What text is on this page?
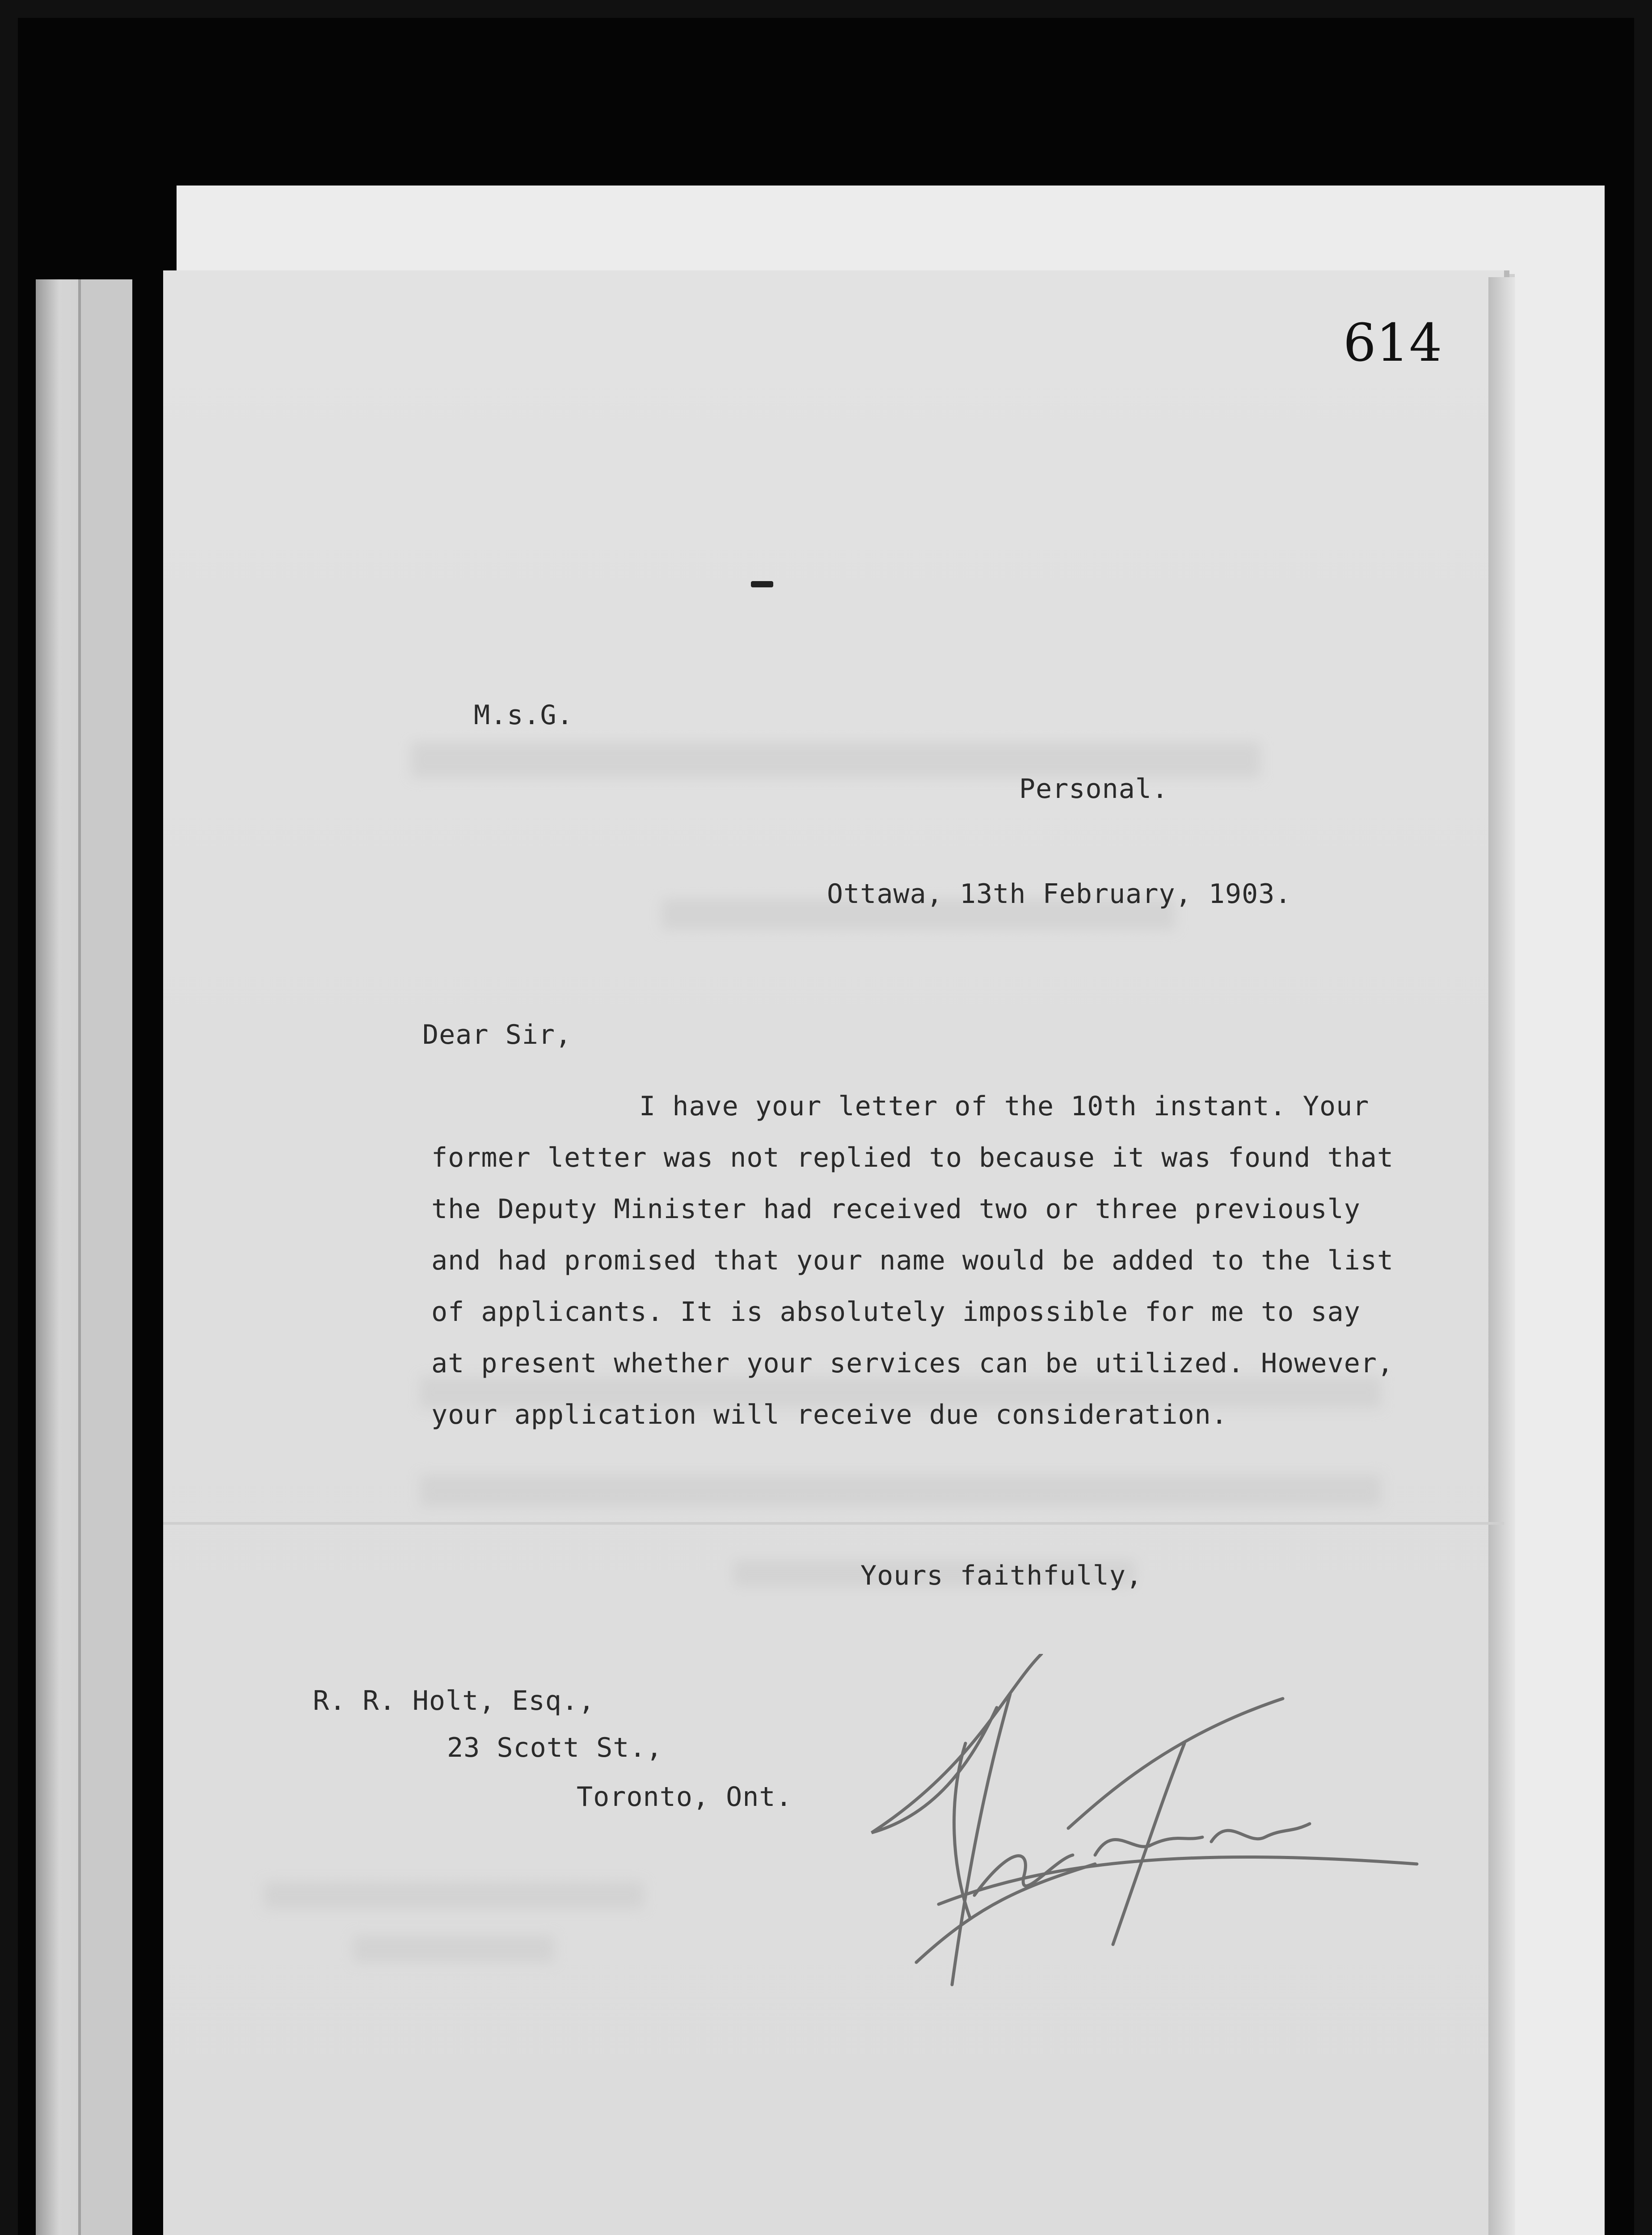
614

M.s.G.

Personal.

Ottawa, 13th February, 1903.

Dear Sir,

I have your letter of the 10th instant. Your

former letter was not replied to because it was found that

the Deputy Minister had received two or three previously

and had promised that your name would be added to the list

of applicants. It is absolutely impossible for me to say

at present whether your services can be utilized. However,

your application will receive due consideration.

Yours faithfully,

R. R. Holt, Esq.,

23 Scott St.,

Toronto, Ont.
